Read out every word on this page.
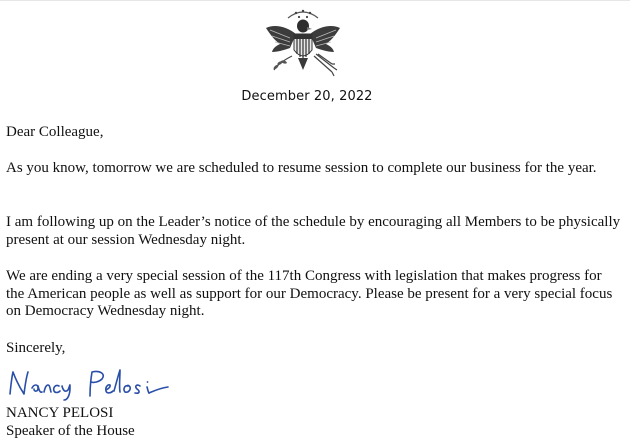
December 20, 2022

Dear Colleague,

As you know, tomorrow we are scheduled to resume session to complete our business for the year.

I am following up on the Leader’s notice of the schedule by encouraging all Members to be physically present at our session Wednesday night.

We are ending a very special session of the 117th Congress with legislation that makes progress for the American people as well as support for our Democracy. Please be present for a very special focus on Democracy Wednesday night.

Sincerely,

NANCY PELOSI
Speaker of the House
